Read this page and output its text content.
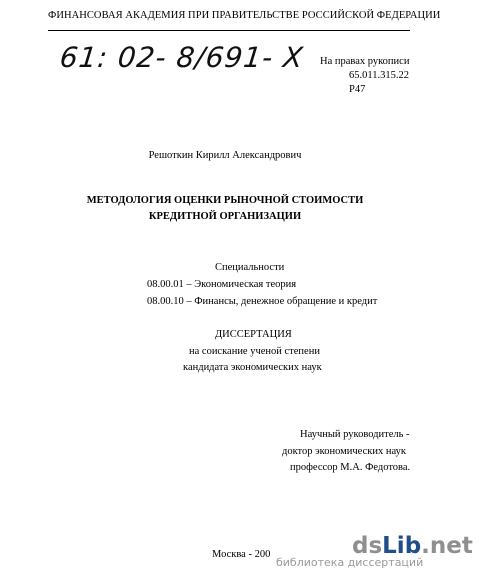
ФИНАНСОВАЯ АКАДЕМИЯ ПРИ ПРАВИТЕЛЬСТВЕ РОССИЙСКОЙ ФЕДЕРАЦИИ
61: 02- 8/691- X На правах рукописи
65.011.315.22
Р47
Решоткин Кирилл Александрович
МЕТОДОЛОГИЯ ОЦЕНКИ РЫНОЧНОЙ СТОИМОСТИ
КРЕДИТНОЙ ОРГАНИЗАЦИИ
Специальности
08.00.01 – Экономическая теория
08.00.10 – Финансы, денежное обращение и кредит
ДИССЕРТАЦИЯ
на соискание ученой степени
кандидата экономических наук
Научный руководитель -
доктор экономических наук
профессор М.А. Федотова.
Москва - 200	dsLib.net
библиотека диссертаций
